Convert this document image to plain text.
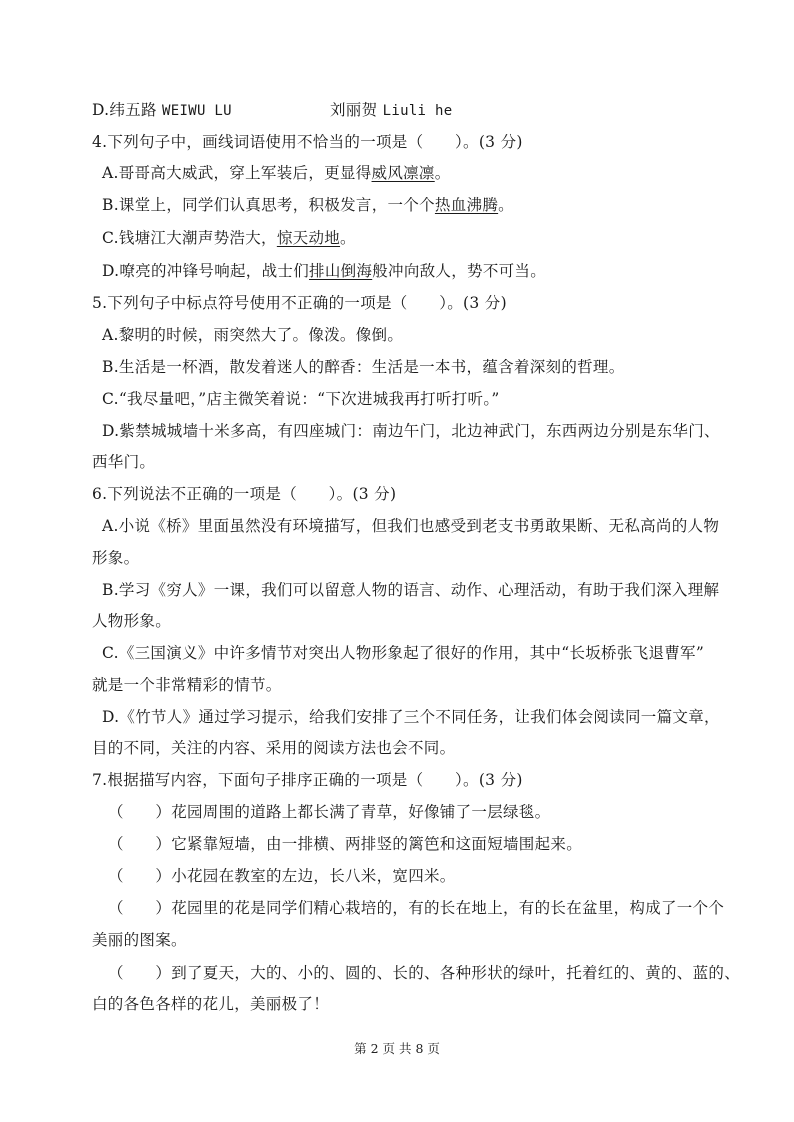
D.纬五路 WEIWU LU	刘丽贺 Liuli he
4.下列句子中，画线词语使用不恰当的一项是（　　）。(3 分)
A.哥哥高大威武，穿上军装后，更显得威风凛凛。
B.课堂上，同学们认真思考，积极发言，一个个热血沸腾。
C.钱塘江大潮声势浩大，惊天动地。
D.嘹亮的冲锋号响起，战士们排山倒海般冲向敌人，势不可当。
5.下列句子中标点符号使用不正确的一项是（　　）。(3 分)
A.黎明的时候，雨突然大了。像泼。像倒。
B.生活是一杯酒，散发着迷人的醉香：生活是一本书，蕴含着深刻的哲理。
C.“我尽量吧，”店主微笑着说：“下次进城我再打听打听。”
D.紫禁城城墙十米多高，有四座城门：南边午门，北边神武门，东西两边分别是东华门、
西华门。
6.下列说法不正确的一项是（　　）。(3 分)
A.小说《桥》里面虽然没有环境描写，但我们也感受到老支书勇敢果断、无私高尚的人物
形象。
B.学习《穷人》一课，我们可以留意人物的语言、动作、心理活动，有助于我们深入理解
人物形象。
C.《三国演义》中许多情节对突出人物形象起了很好的作用，其中“长坂桥张飞退曹军”
就是一个非常精彩的情节。
D.《竹节人》通过学习提示，给我们安排了三个不同任务，让我们体会阅读同一篇文章，
目的不同，关注的内容、采用的阅读方法也会不同。
7.根据描写内容，下面句子排序正确的一项是（　　）。(3 分)
（　　）花园周围的道路上都长满了青草，好像铺了一层绿毯。
（　　）它紧靠短墙，由一排横、两排竖的篱笆和这面短墙围起来。
（　　）小花园在教室的左边，长八米，宽四米。
（　　）花园里的花是同学们精心栽培的，有的长在地上，有的长在盆里，构成了一个个
美丽的图案。
（　　）到了夏天，大的、小的、圆的、长的、各种形状的绿叶，托着红的、黄的、蓝的、
白的各色各样的花儿，美丽极了！
第 2 页 共 8 页
